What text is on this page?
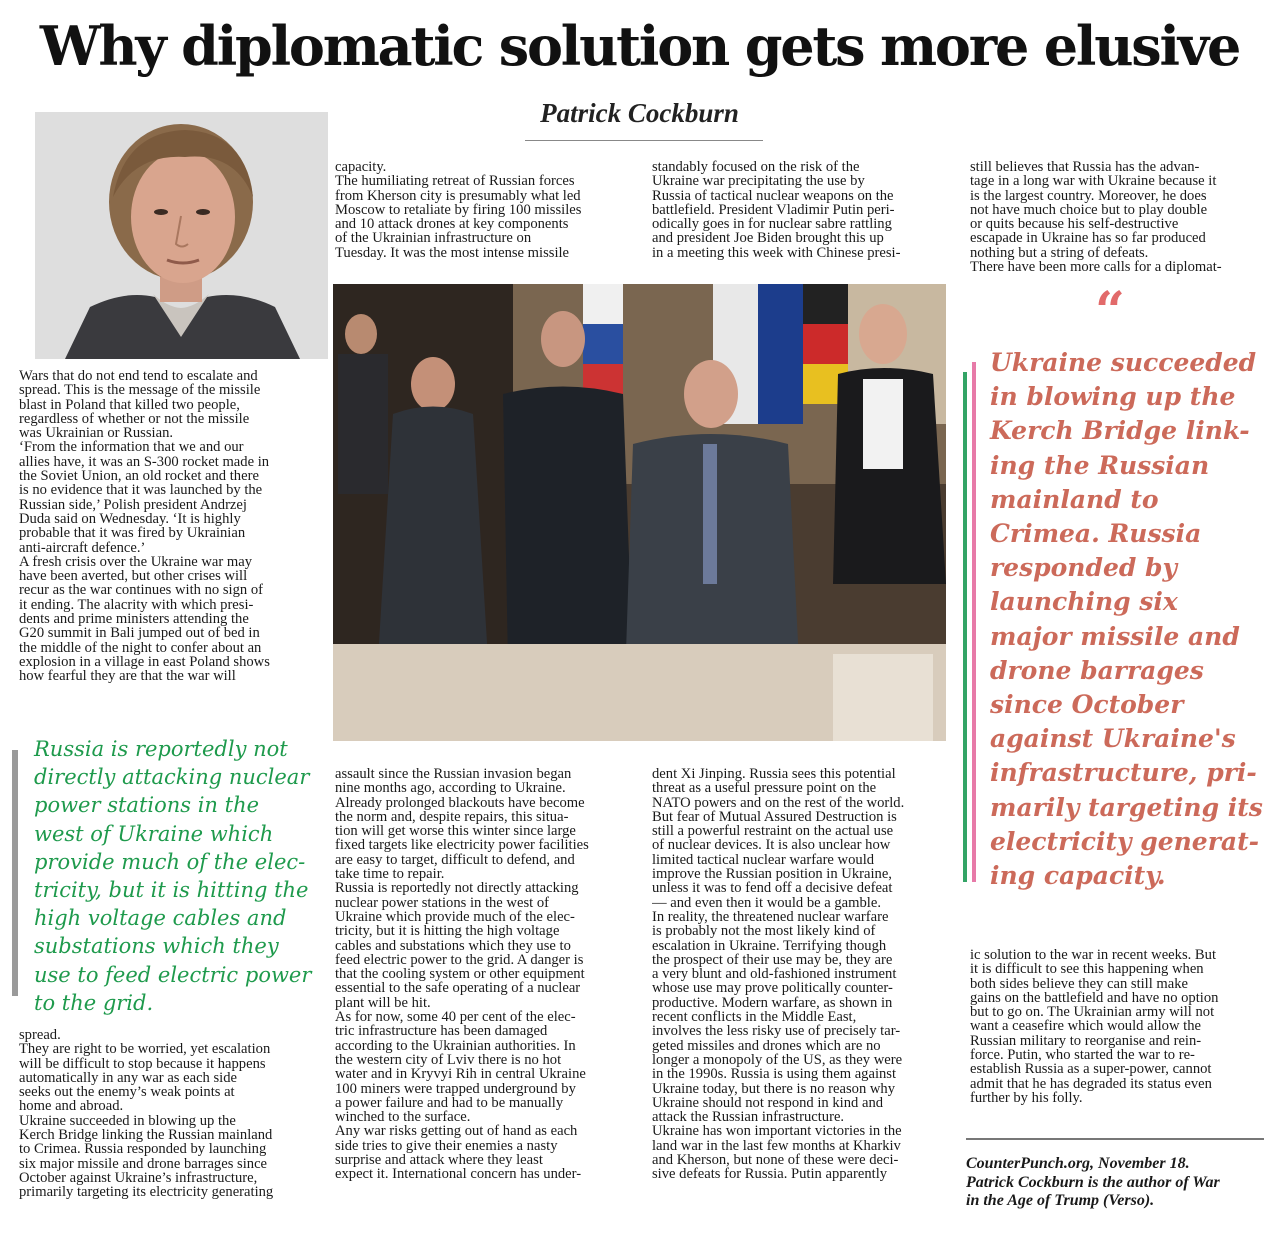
Why diplomatic solution gets more elusive
Patrick Cockburn
Wars that do not end tend to escalate and
spread. This is the message of the missile
blast in Poland that killed two people,
regardless of whether or not the missile
was Ukrainian or Russian.
‘From the information that we and our
allies have, it was an S-300 rocket made in
the Soviet Union, an old rocket and there
is no evidence that it was launched by the
Russian side,’ Polish president Andrzej
Duda said on Wednesday. ‘It is highly
probable that it was fired by Ukrainian
anti-aircraft defence.’
A fresh crisis over the Ukraine war may
have been averted, but other crises will
recur as the war continues with no sign of
it ending. The alacrity with which presi-
dents and prime ministers attending the
G20 summit in Bali jumped out of bed in
the middle of the night to confer about an
explosion in a village in east Poland shows
how fearful they are that the war will
Russia is reportedly not
directly attacking nuclear
power stations in the
west of Ukraine which
provide much of the elec-
tricity, but it is hitting the
high voltage cables and
substations which they
use to feed electric power
to the grid.
spread.
They are right to be worried, yet escalation
will be difficult to stop because it happens
automatically in any war as each side
seeks out the enemy’s weak points at
home and abroad.
Ukraine succeeded in blowing up the
Kerch Bridge linking the Russian mainland
to Crimea. Russia responded by launching
six major missile and drone barrages since
October against Ukraine’s infrastructure,
primarily targeting its electricity generating
capacity.
The humiliating retreat of Russian forces
from Kherson city is presumably what led
Moscow to retaliate by firing 100 missiles
and 10 attack drones at key components
of the Ukrainian infrastructure on
Tuesday. It was the most intense missile
assault since the Russian invasion began
nine months ago, according to Ukraine.
Already prolonged blackouts have become
the norm and, despite repairs, this situa-
tion will get worse this winter since large
fixed targets like electricity power facilities
are easy to target, difficult to defend, and
take time to repair.
Russia is reportedly not directly attacking
nuclear power stations in the west of
Ukraine which provide much of the elec-
tricity, but it is hitting the high voltage
cables and substations which they use to
feed electric power to the grid. A danger is
that the cooling system or other equipment
essential to the safe operating of a nuclear
plant will be hit.
As for now, some 40 per cent of the elec-
tric infrastructure has been damaged
according to the Ukrainian authorities. In
the western city of Lviv there is no hot
water and in Kryvyi Rih in central Ukraine
100 miners were trapped underground by
a power failure and had to be manually
winched to the surface.
Any war risks getting out of hand as each
side tries to give their enemies a nasty
surprise and attack where they least
expect it. International concern has under-
standably focused on the risk of the
Ukraine war precipitating the use by
Russia of tactical nuclear weapons on the
battlefield. President Vladimir Putin peri-
odically goes in for nuclear sabre rattling
and president Joe Biden brought this up
in a meeting this week with Chinese presi-
dent Xi Jinping. Russia sees this potential
threat as a useful pressure point on the
NATO powers and on the rest of the world.
But fear of Mutual Assured Destruction is
still a powerful restraint on the actual use
of nuclear devices. It is also unclear how
limited tactical nuclear warfare would
improve the Russian position in Ukraine,
unless it was to fend off a decisive defeat
— and even then it would be a gamble.
In reality, the threatened nuclear warfare
is probably not the most likely kind of
escalation in Ukraine. Terrifying though
the prospect of their use may be, they are
a very blunt and old-fashioned instrument
whose use may prove politically counter-
productive. Modern warfare, as shown in
recent conflicts in the Middle East,
involves the less risky use of precisely tar-
geted missiles and drones which are no
longer a monopoly of the US, as they were
in the 1990s. Russia is using them against
Ukraine today, but there is no reason why
Ukraine should not respond in kind and
attack the Russian infrastructure.
Ukraine has won important victories in the
land war in the last few months at Kharkiv
and Kherson, but none of these were deci-
sive defeats for Russia. Putin apparently
still believes that Russia has the advan-
tage in a long war with Ukraine because it
is the largest country. Moreover, he does
not have much choice but to play double
or quits because his self-destructive
escapade in Ukraine has so far produced
nothing but a string of defeats.
There have been more calls for a diplomat-
“
Ukraine succeeded
in blowing up the
Kerch Bridge link-
ing the Russian
mainland to
Crimea. Russia
responded by
launching six
major missile and
drone barrages
since October
against Ukraine's
infrastructure, pri-
marily targeting its
electricity generat-
ing capacity.
ic solution to the war in recent weeks. But
it is difficult to see this happening when
both sides believe they can still make
gains on the battlefield and have no option
but to go on. The Ukrainian army will not
want a ceasefire which would allow the
Russian military to reorganise and rein-
force. Putin, who started the war to re-
establish Russia as a super-power, cannot
admit that he has degraded its status even
further by his folly.
CounterPunch.org, November 18.
Patrick Cockburn is the author of War
in the Age of Trump (Verso).
